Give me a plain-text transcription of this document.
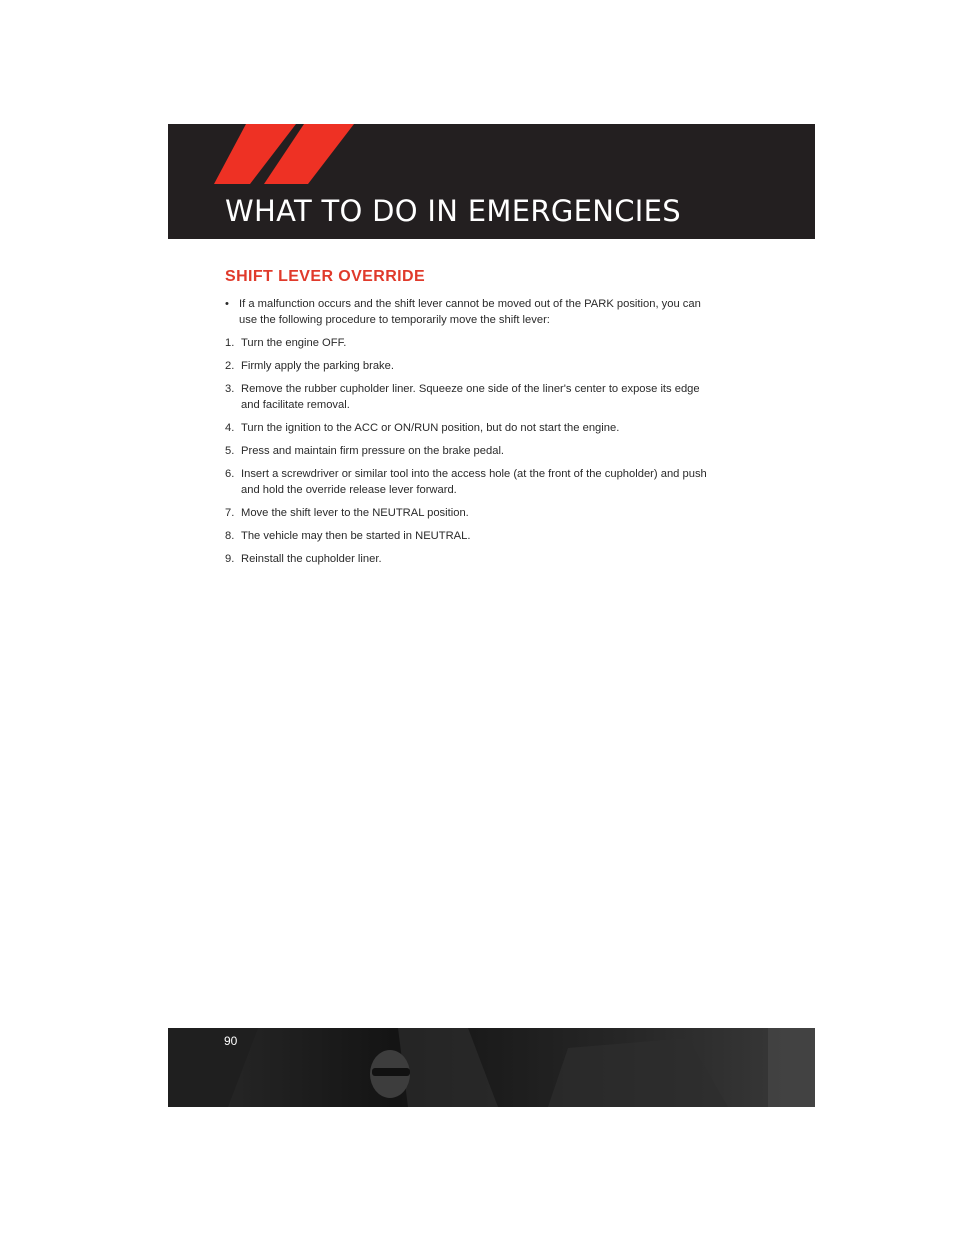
WHAT TO DO IN EMERGENCIES
SHIFT LEVER OVERRIDE
• If a malfunction occurs and the shift lever cannot be moved out of the PARK position, you can use the following procedure to temporarily move the shift lever:
1. Turn the engine OFF.
2. Firmly apply the parking brake.
3. Remove the rubber cupholder liner. Squeeze one side of the liner's center to expose its edge and facilitate removal.
4. Turn the ignition to the ACC or ON/RUN position, but do not start the engine.
5. Press and maintain firm pressure on the brake pedal.
6. Insert a screwdriver or similar tool into the access hole (at the front of the cupholder) and push and hold the override release lever forward.
7. Move the shift lever to the NEUTRAL position.
8. The vehicle may then be started in NEUTRAL.
9. Reinstall the cupholder liner.
90
